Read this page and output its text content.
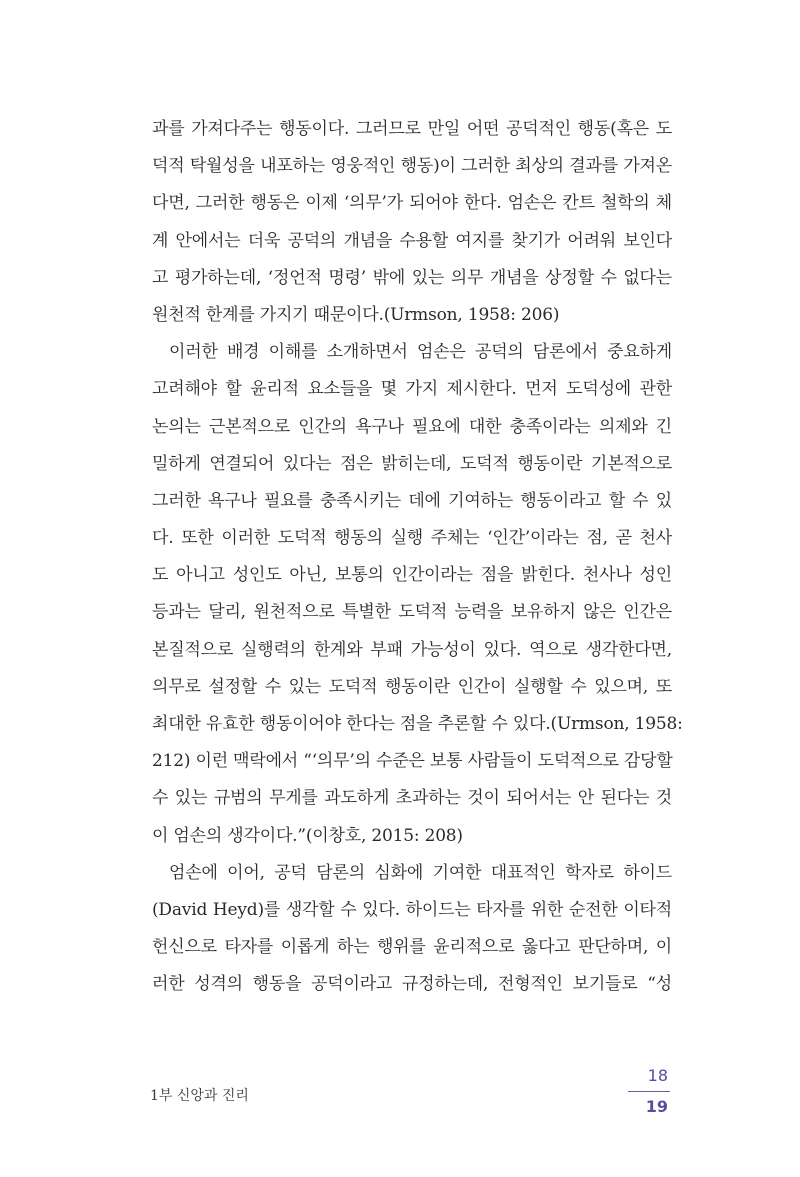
과를 가져다주는 행동이다. 그러므로 만일 어떤 공덕적인 행동(혹은 도
덕적 탁월성을 내포하는 영웅적인 행동)이 그러한 최상의 결과를 가져온
다면, 그러한 행동은 이제 ‘의무’가 되어야 한다. 엄손은 칸트 철학의 체
계 안에서는 더욱 공덕의 개념을 수용할 여지를 찾기가 어려워 보인다
고 평가하는데, ‘정언적 명령’ 밖에 있는 의무 개념을 상정할 수 없다는
원천적 한계를 가지기 때문이다.(Urmson, 1958: 206)
이러한 배경 이해를 소개하면서 엄손은 공덕의 담론에서 중요하게
고려해야 할 윤리적 요소들을 몇 가지 제시한다. 먼저 도덕성에 관한
논의는 근본적으로 인간의 욕구나 필요에 대한 충족이라는 의제와 긴
밀하게 연결되어 있다는 점은 밝히는데, 도덕적 행동이란 기본적으로
그러한 욕구나 필요를 충족시키는 데에 기여하는 행동이라고 할 수 있
다. 또한 이러한 도덕적 행동의 실행 주체는 ‘인간’이라는 점, 곧 천사
도 아니고 성인도 아닌, 보통의 인간이라는 점을 밝힌다. 천사나 성인
등과는 달리, 원천적으로 특별한 도덕적 능력을 보유하지 않은 인간은
본질적으로 실행력의 한계와 부패 가능성이 있다. 역으로 생각한다면,
의무로 설정할 수 있는 도덕적 행동이란 인간이 실행할 수 있으며, 또
최대한 유효한 행동이어야 한다는 점을 추론할 수 있다.(Urmson, 1958:
212) 이런 맥락에서 “‘의무’의 수준은 보통 사람들이 도덕적으로 감당할
수 있는 규범의 무게를 과도하게 초과하는 것이 되어서는 안 된다는 것
이 엄손의 생각이다.”(이창호, 2015: 208)
엄손에 이어, 공덕 담론의 심화에 기여한 대표적인 학자로 하이드
(David Heyd)를 생각할 수 있다. 하이드는 타자를 위한 순전한 이타적
헌신으로 타자를 이롭게 하는 행위를 윤리적으로 옳다고 판단하며, 이
러한 성격의 행동을 공덕이라고 규정하는데, 전형적인 보기들로 “성
1부 신앙과 진리
18
19
